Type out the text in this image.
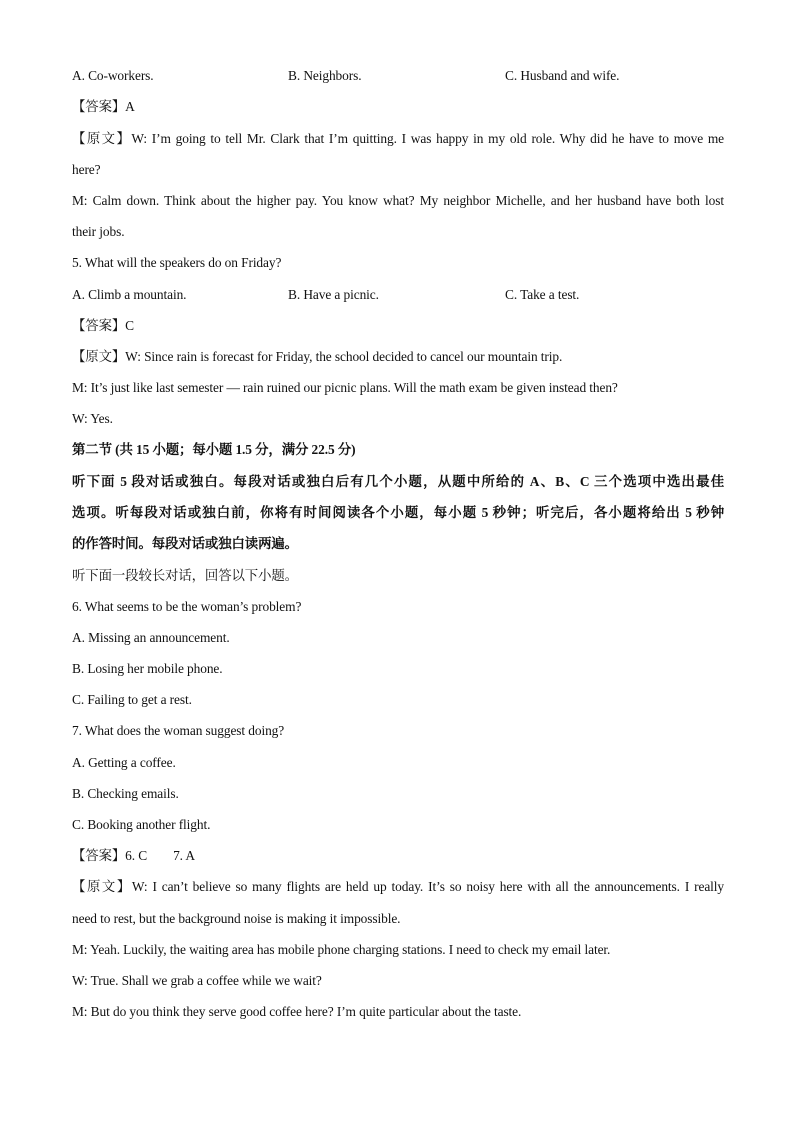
A. Co-workers.	B. Neighbors.	C. Husband and wife.
【答案】A
【原文】W: I’m going to tell Mr. Clark that I’m quitting. I was happy in my old role. Why did he have to move me
here?
M: Calm down. Think about the higher pay. You know what? My neighbor Michelle, and her husband have both lost
their jobs.
5. What will the speakers do on Friday?
A. Climb a mountain.	B. Have a picnic.	C. Take a test.
【答案】C
【原文】W: Since rain is forecast for Friday, the school decided to cancel our mountain trip.
M: It’s just like last semester — rain ruined our picnic plans. Will the math exam be given instead then?
W: Yes.
第二节 (共 15 小题；每小题 1.5 分，满分 22.5 分)
听下面 5 段对话或独白。每段对话或独白后有几个小题，从题中所给的 A、B、C 三个选项中选出最佳
选项。听每段对话或独白前，你将有时间阅读各个小题，每小题 5 秒钟；听完后，各小题将给出 5 秒钟
的作答时间。每段对话或独白读两遍。
听下面一段较长对话，回答以下小题。
6. What seems to be the woman’s problem?
A. Missing an announcement.
B. Losing her mobile phone.
C. Failing to get a rest.
7. What does the woman suggest doing?
A. Getting a coffee.
B. Checking emails.
C. Booking another flight.
【答案】6. C        7. A
【原文】W: I can’t believe so many flights are held up today. It’s so noisy here with all the announcements. I really
need to rest, but the background noise is making it impossible.
M: Yeah. Luckily, the waiting area has mobile phone charging stations. I need to check my email later.
W: True. Shall we grab a coffee while we wait?
M: But do you think they serve good coffee here? I’m quite particular about the taste.
